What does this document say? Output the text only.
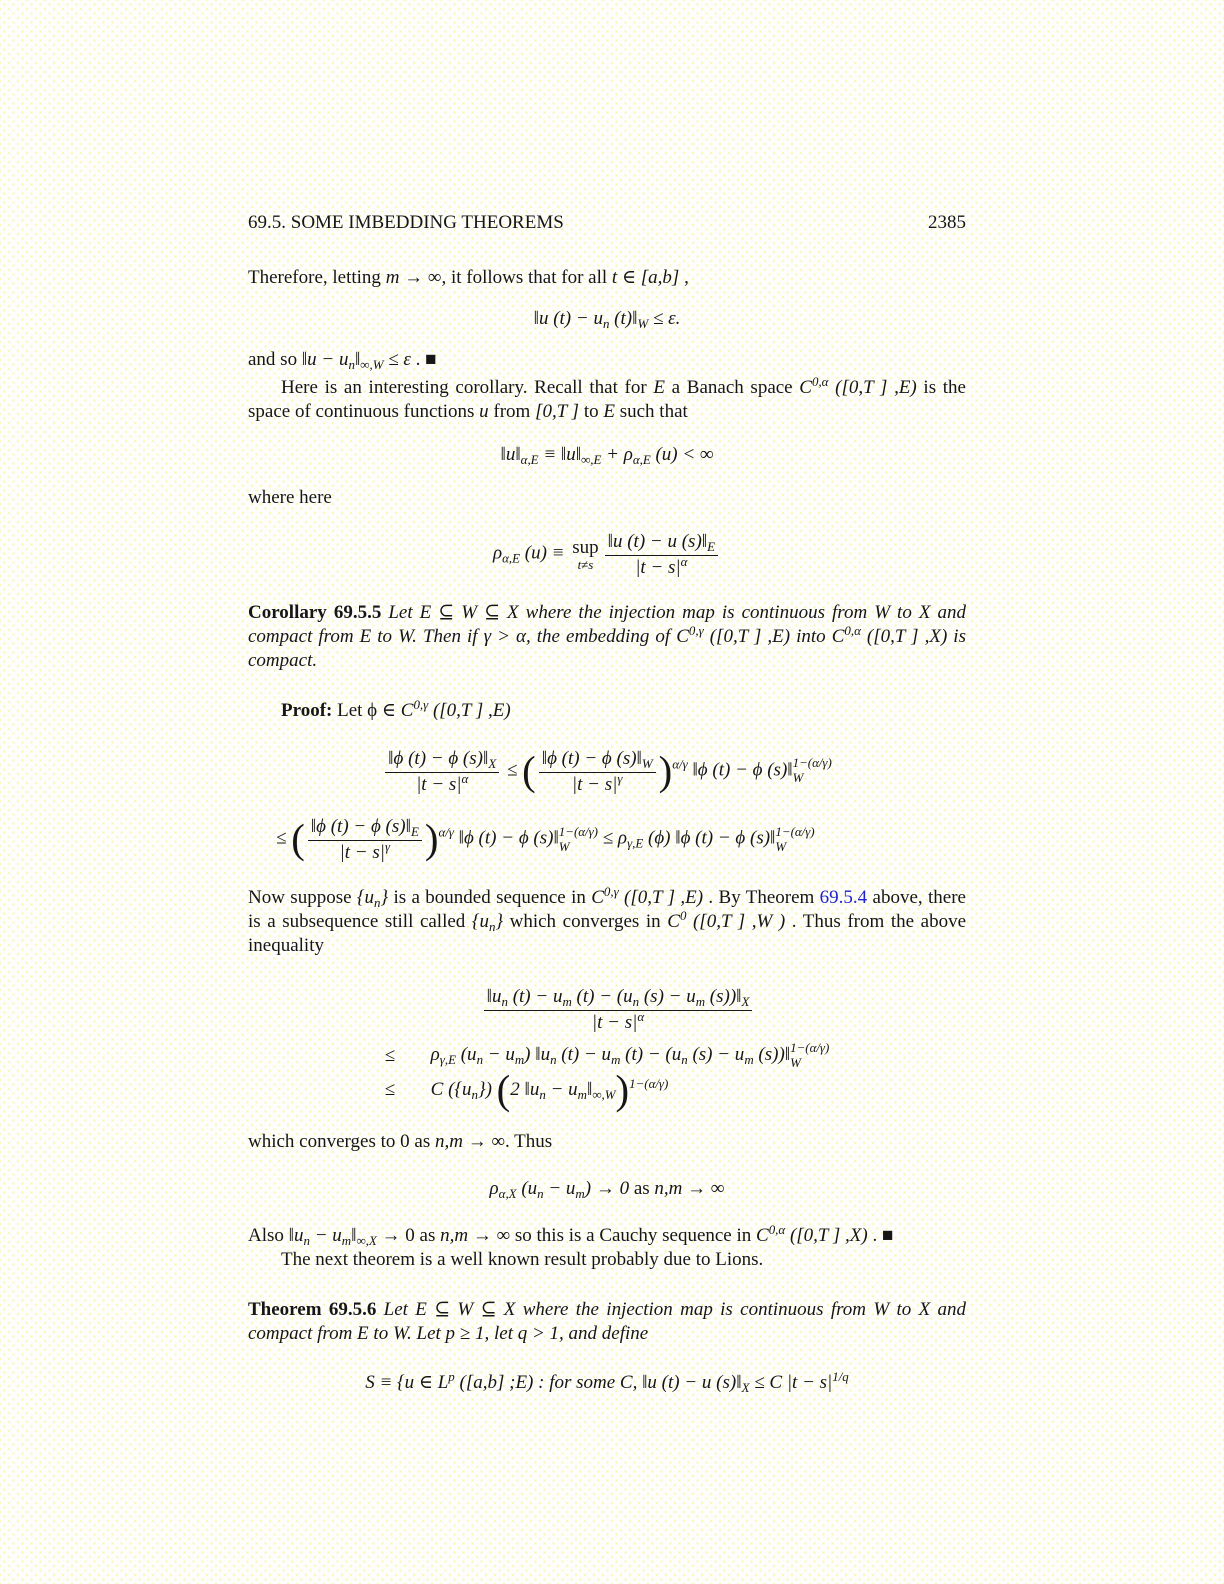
69.5. SOME IMBEDDING THEOREMS	2385

Therefore, letting m → ∞, it follows that for all t ∈ [a,b] ,

‖u $(t) - u_n$ $(t)‖_W \le \varepsilon$.

and so ‖u − $u_n‖_{\infty,W} \le \varepsilon$ . ■

Here is an interesting corollary. Recall that for E a Banach space $C^{0,\alpha}$ ([0,T ] ,E) is the space of continuous functions u from [0,T ] to E such that

$‖u‖_{\alpha,E}$ ≡ $‖u‖_{\infty,E} + \rho_{\alpha,E}$ (u) < ∞

where here

$\rho_{\alpha,E}$ (u) ≡ sup
$t\ne s \frac{‖u (t) - u (s)‖_E}{|t - s|^\alpha}$

Corollary 69.5.5 Let E ⊆ W ⊆ X where the injection map is continuous from W to X and compact from E to W. Then if γ > α, the embedding of $C^{0,\gamma}$ ([0,T ] ,E) into $C^{0,\alpha}$ ([0,T ] ,X) is compact.

Proof: Let ϕ ∈ $C^{0,\gamma}$ ([0,T ] ,E)

$\frac{‖\phi (t) - \phi (s)‖_X}{|t - s|^\alpha}$ ≤ ( $\frac{‖\phi (t) - \phi (s)‖_W}{|t - s|^\gamma} )^{\alpha/\gamma}$ ‖ϕ (t) − ϕ (s)‖ 1−(α/γ)
W
≤ ( $\frac{‖\phi (t) - \phi (s)‖_E}{|t - s|^\gamma} )^{\alpha/\gamma}$ ‖ϕ (t) − ϕ (s)‖ 1−(α/γ)
$W \le \rho_{\gamma,E}$ (ϕ) ‖ϕ (t) − ϕ (s)‖ 1−(α/γ)
W

Now suppose $\{u_n\}$ is a bounded sequence in $C^{0,\gamma}$ ([0,T ] ,E) . By Theorem 69.5.4 above, there is a subsequence still called $\{u_n\}$ which converges in $C^0$ ([0,T ] ,W ) . Thus from the above inequality

$\frac{‖u_n (t) - u_m (t) - (u_n (s) - u_m (s))‖_X}{|t - s|^\alpha}$
≤	$\rho_{\gamma,E}$ $(u_n - u_m)$ $‖u_n$ $(t) - u_m$ $(t) - (u_n$ $(s) - u_m$ (s))‖ 1−(α/γ)
W
≤	C $(\{u_n\})$ (2 $‖u_n$ − $u_m‖_{\infty,W})^{1-(\alpha/\gamma)}$

which converges to 0 as n,m → ∞. Thus

$\rho_{\alpha,X}$ $(u_n - u_m) \to 0$ as n,m → ∞

Also $‖u_n$ − $u_m‖_{\infty,X} \to 0$ as n,m → ∞ so this is a Cauchy sequence in $C^{0,\alpha}$ ([0,T ] ,X) . ■

The next theorem is a well known result probably due to Lions.

Theorem 69.5.6 Let E ⊆ W ⊆ X where the injection map is continuous from W to X and compact from E to W. Let p ≥ 1, let q > 1, and define

S ≡ {u ∈ $L^p$ ([a,b] ;E) : for some C, ‖u (t) − u $(s)‖_X \le C$ $|t - s|^{1/q}$
